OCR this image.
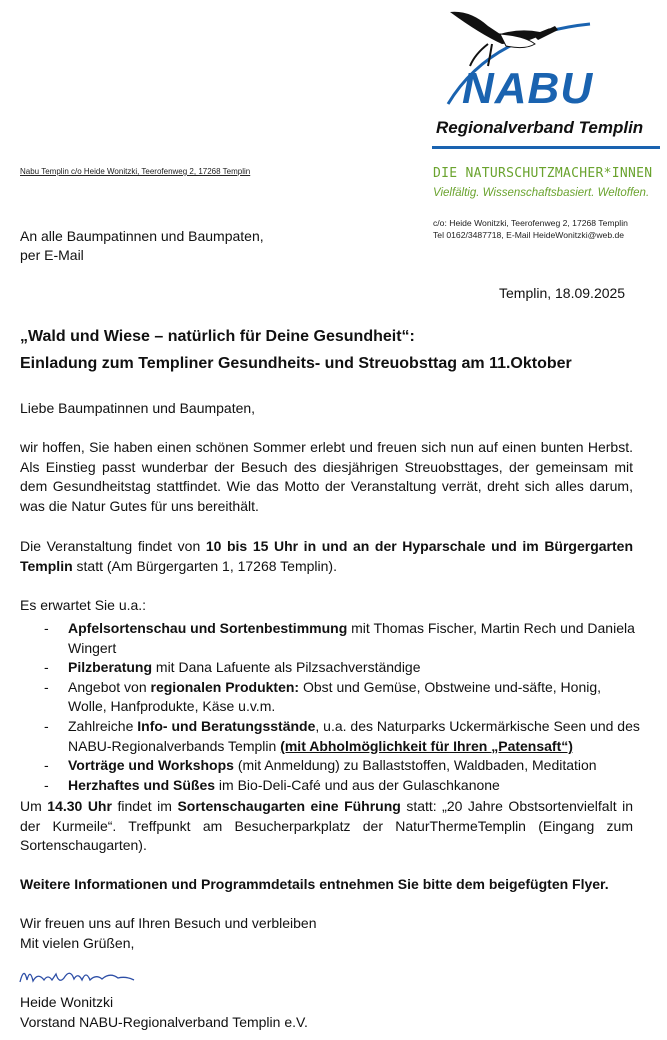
NABU
Regionalverband Templin
DIE NATURSCHUTZMACHER*INNEN
Vielfältig. Wissenschaftsbasiert. Weltoffen.
Nabu Templin c/o Heide Wonitzki, Teerofenweg 2, 17268 Templin
An alle Baumpatinnen und Baumpaten,
per E-Mail
c/o: Heide Wonitzki, Teerofenweg 2, 17268 Templin
Tel 0162/3487718, E-Mail HeideWonitzki@web.de
Templin, 18.09.2025
„Wald und Wiese – natürlich für Deine Gesundheit“:
Einladung zum Templiner Gesundheits- und Streuobsttag am 11.Oktober
Liebe Baumpatinnen und Baumpaten,
wir hoffen, Sie haben einen schönen Sommer erlebt und freuen sich nun auf einen bunten Herbst. Als Einstieg passt wunderbar der Besuch des diesjährigen Streuobsttages, der gemeinsam mit dem Gesundheitstag stattfindet. Wie das Motto der Veranstaltung verrät, dreht sich alles darum, was die Natur Gutes für uns bereithält.
Die Veranstaltung findet von 10 bis 15 Uhr in und an der Hyparschale und im Bürgergarten Templin statt (Am Bürgergarten 1, 17268 Templin).
Es erwartet Sie u.a.:
-	Apfelsortenschau und Sortenbestimmung mit Thomas Fischer, Martin Rech und Daniela Wingert
-	Pilzberatung mit Dana Lafuente als Pilzsachverständige
-	Angebot von regionalen Produkten: Obst und Gemüse, Obstweine und-säfte, Honig, Wolle, Hanfprodukte, Käse u.v.m.
-	Zahlreiche Info- und Beratungsstände, u.a. des Naturparks Uckermärkische Seen und des NABU-Regionalverbands Templin (mit Abholmöglichkeit für Ihren „Patensaft“)
-	Vorträge und Workshops (mit Anmeldung) zu Ballaststoffen, Waldbaden, Meditation
-	Herzhaftes und Süßes im Bio-Deli-Café und aus der Gulaschkanone
Um 14.30 Uhr findet im Sortenschaugarten eine Führung statt: „20 Jahre Obstsortenvielfalt in der Kurmeile“. Treffpunkt am Besucherparkplatz der NaturThermeTemplin (Eingang zum Sortenschaugarten).
Weitere Informationen und Programmdetails entnehmen Sie bitte dem beigefügten Flyer.
Wir freuen uns auf Ihren Besuch und verbleiben
Mit vielen Grüßen,
Heide Wonitzki
Vorstand NABU-Regionalverband Templin e.V.
